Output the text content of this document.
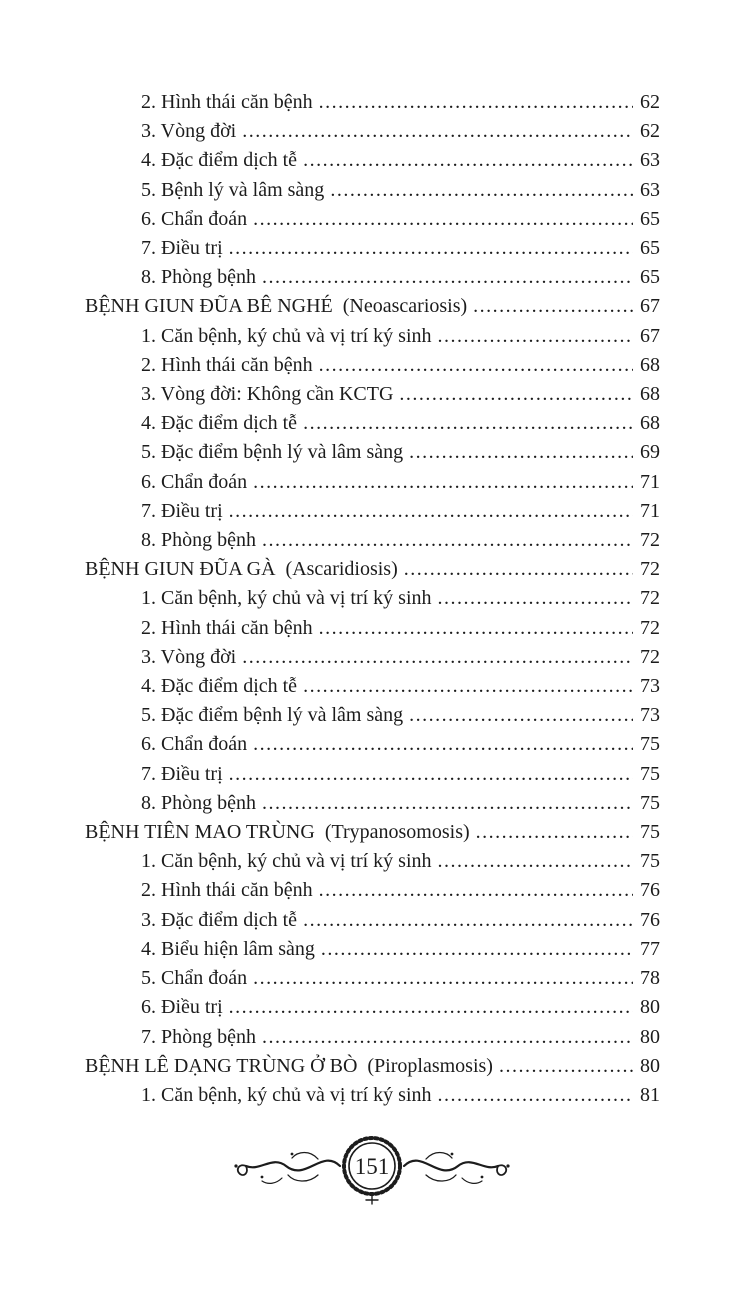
2. Hình thái căn bệnh .....	62
3. Vòng đời .....	62
4. Đặc điểm dịch tễ .....	63
5. Bệnh lý và lâm sàng .....	63
6. Chẩn đoán .....	65
7. Điều trị .....	65
8. Phòng bệnh .....	65
BỆNH GIUN ĐŨA BÊ NGHÉ  (Neoascariosis) .....	67
1. Căn bệnh, ký chủ và vị trí ký sinh .....	67
2. Hình thái căn bệnh .....	68
3. Vòng đời: Không cần KCTG .....	68
4. Đặc điểm dịch tễ .....	68
5. Đặc điểm bệnh lý và lâm sàng .....	69
6. Chẩn đoán .....	71
7. Điều trị .....	71
8. Phòng bệnh .....	72
BỆNH GIUN ĐŨA GÀ  (Ascaridiosis) .....	72
1. Căn bệnh, ký chủ và vị trí ký sinh .....	72
2. Hình thái căn bệnh .....	72
3. Vòng đời .....	72
4. Đặc điểm dịch tễ .....	73
5. Đặc điểm bệnh lý và lâm sàng .....	73
6. Chẩn đoán .....	75
7. Điều trị .....	75
8. Phòng bệnh .....	75
BỆNH TIÊN MAO TRÙNG  (Trypanosomosis) .....	75
1. Căn bệnh, ký chủ và vị trí ký sinh .....	75
2. Hình thái căn bệnh .....	76
3. Đặc điểm dịch tễ .....	76
4. Biểu hiện lâm sàng .....	77
5. Chẩn đoán .....	78
6. Điều trị .....	80
7. Phòng bệnh .....	80
BỆNH LÊ DẠNG TRÙNG Ở BÒ  (Piroplasmosis) .....	80
1. Căn bệnh, ký chủ và vị trí ký sinh .....	81
151
